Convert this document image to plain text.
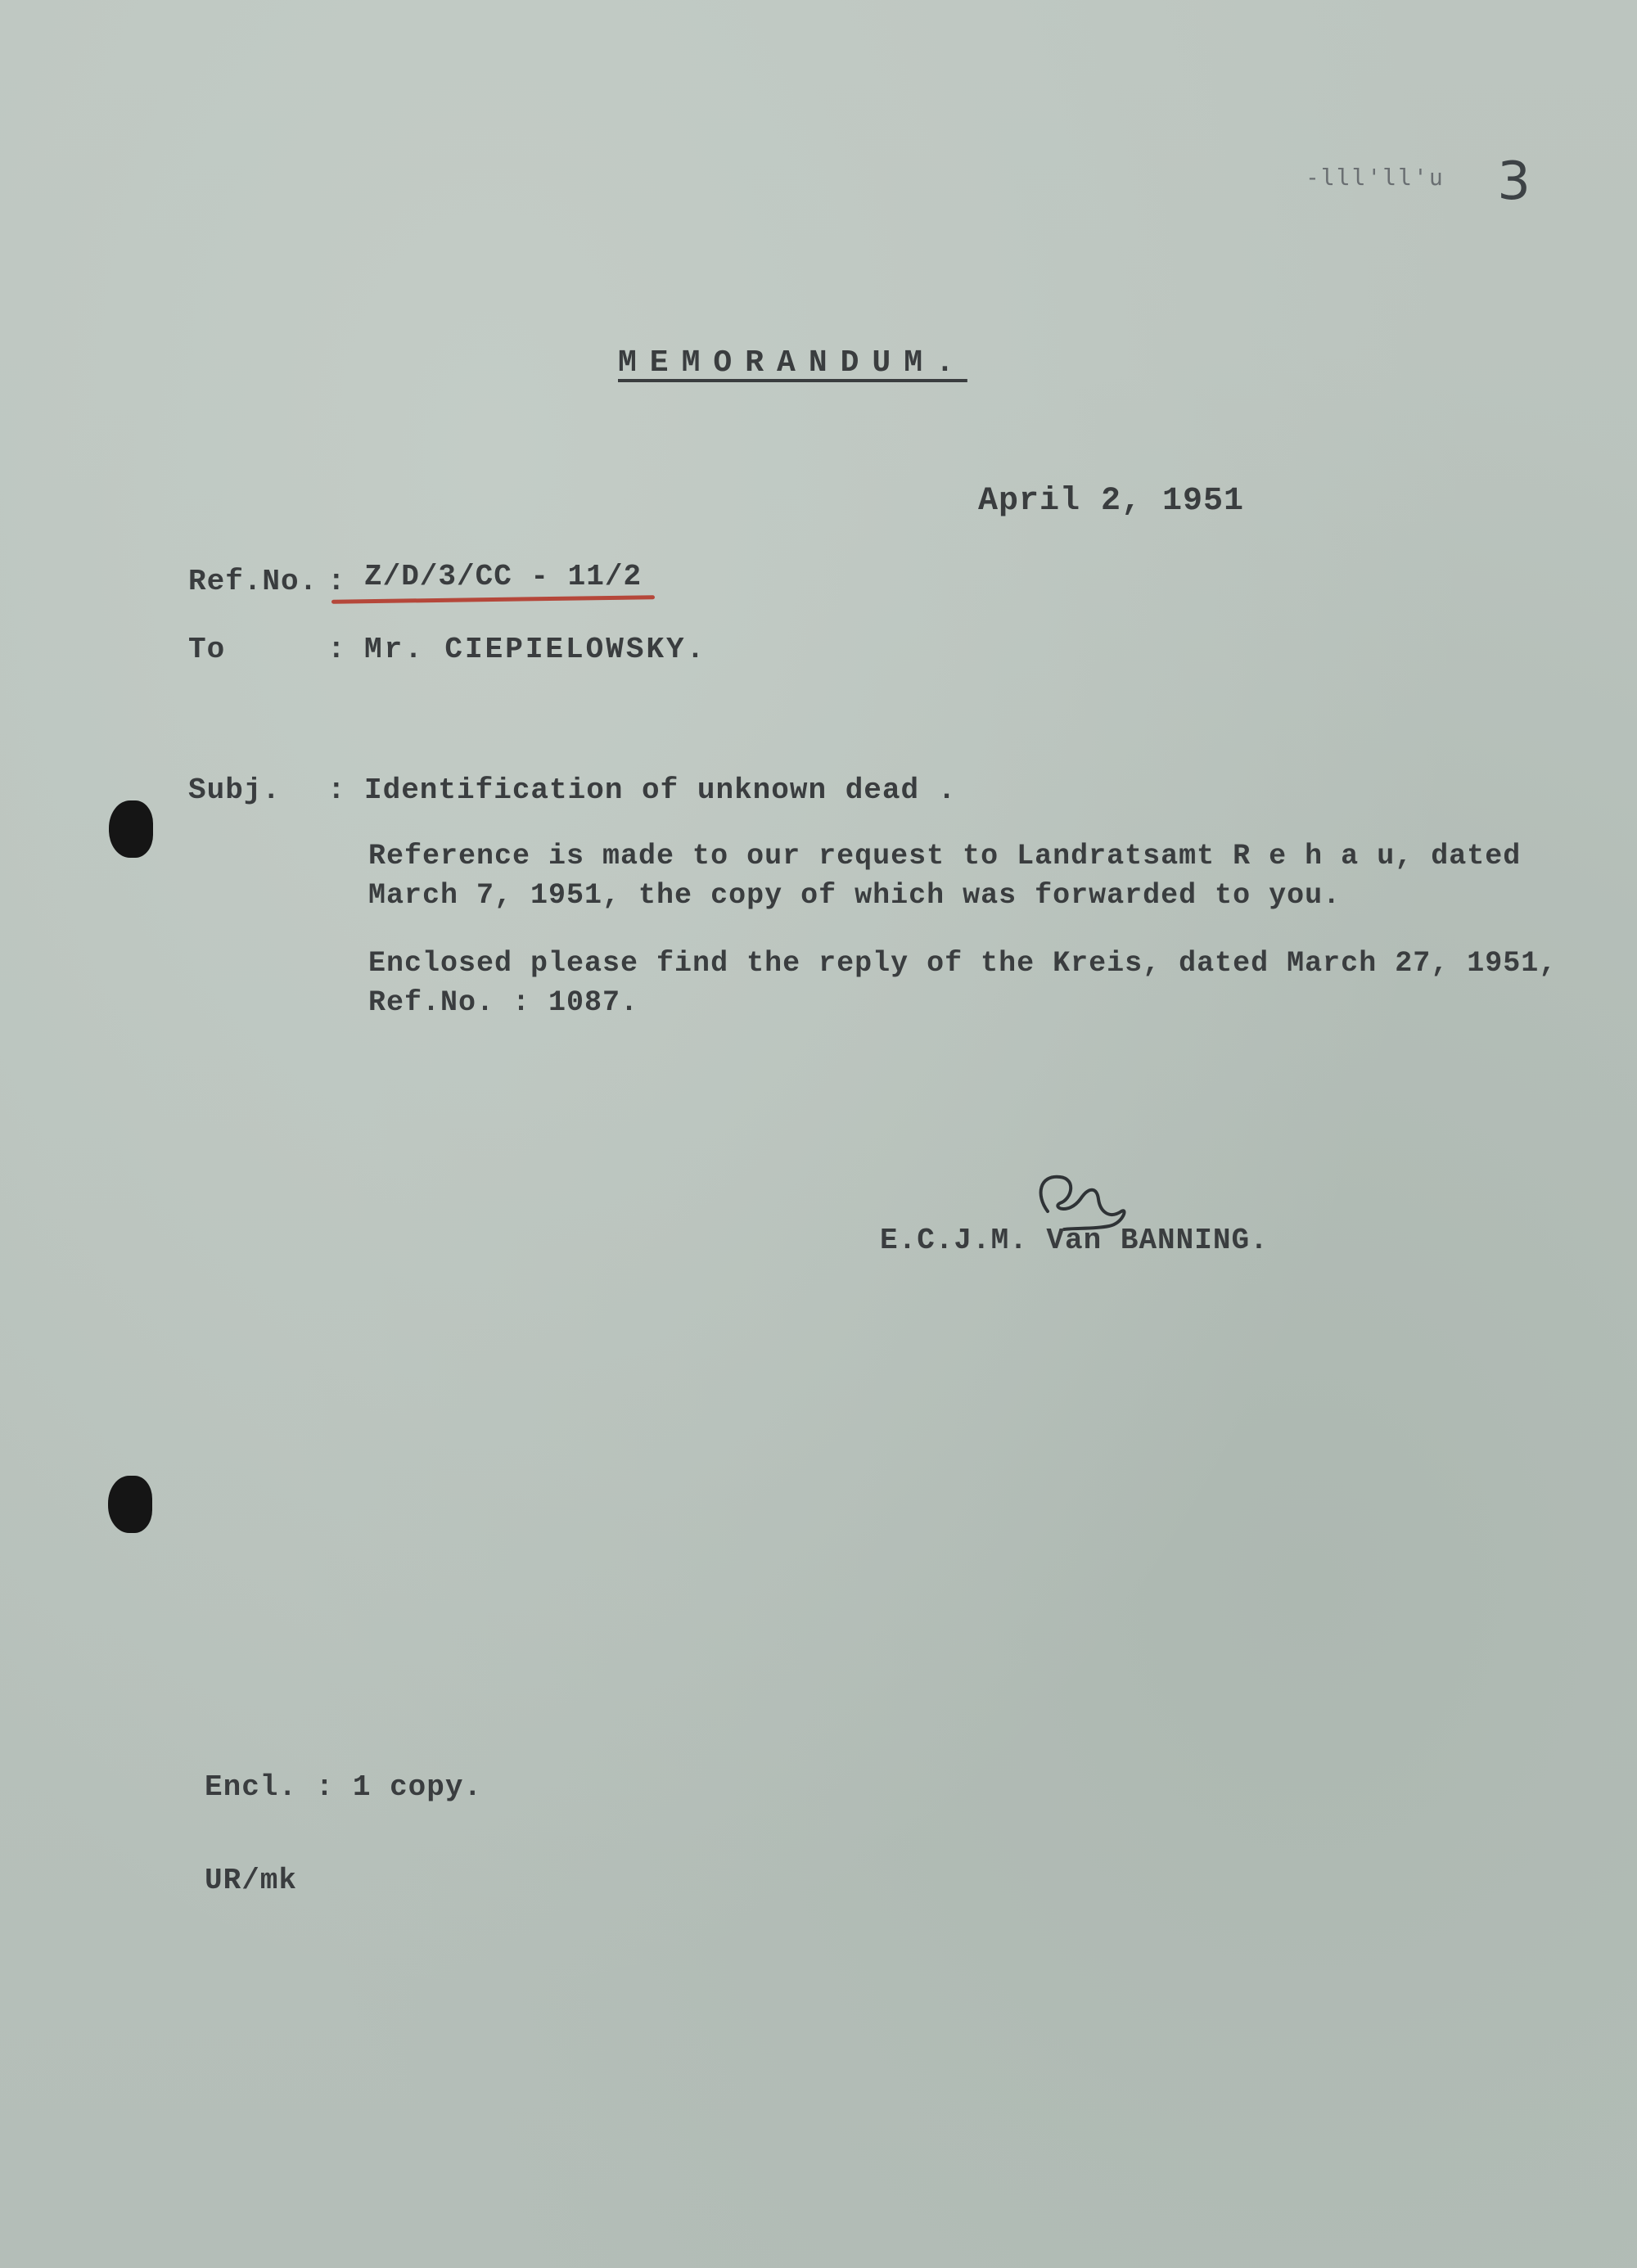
-lll'll'u 3
MEMORANDUM.
April 2, 1951
Ref.No. : Z/D/3/CC - 11/2
To	: Mr. CIEPIELOWSKY.
Subj. : Identification of unknown dead .
Reference is made to our request to Landratsamt R e h a u, dated
March 7, 1951, the copy of which was forwarded to you.
Enclosed please find the reply of the Kreis, dated March 27, 1951,
Ref.No. : 1087.
E.C.J.M. Van BANNING.
Encl. : 1 copy.
UR/mk
